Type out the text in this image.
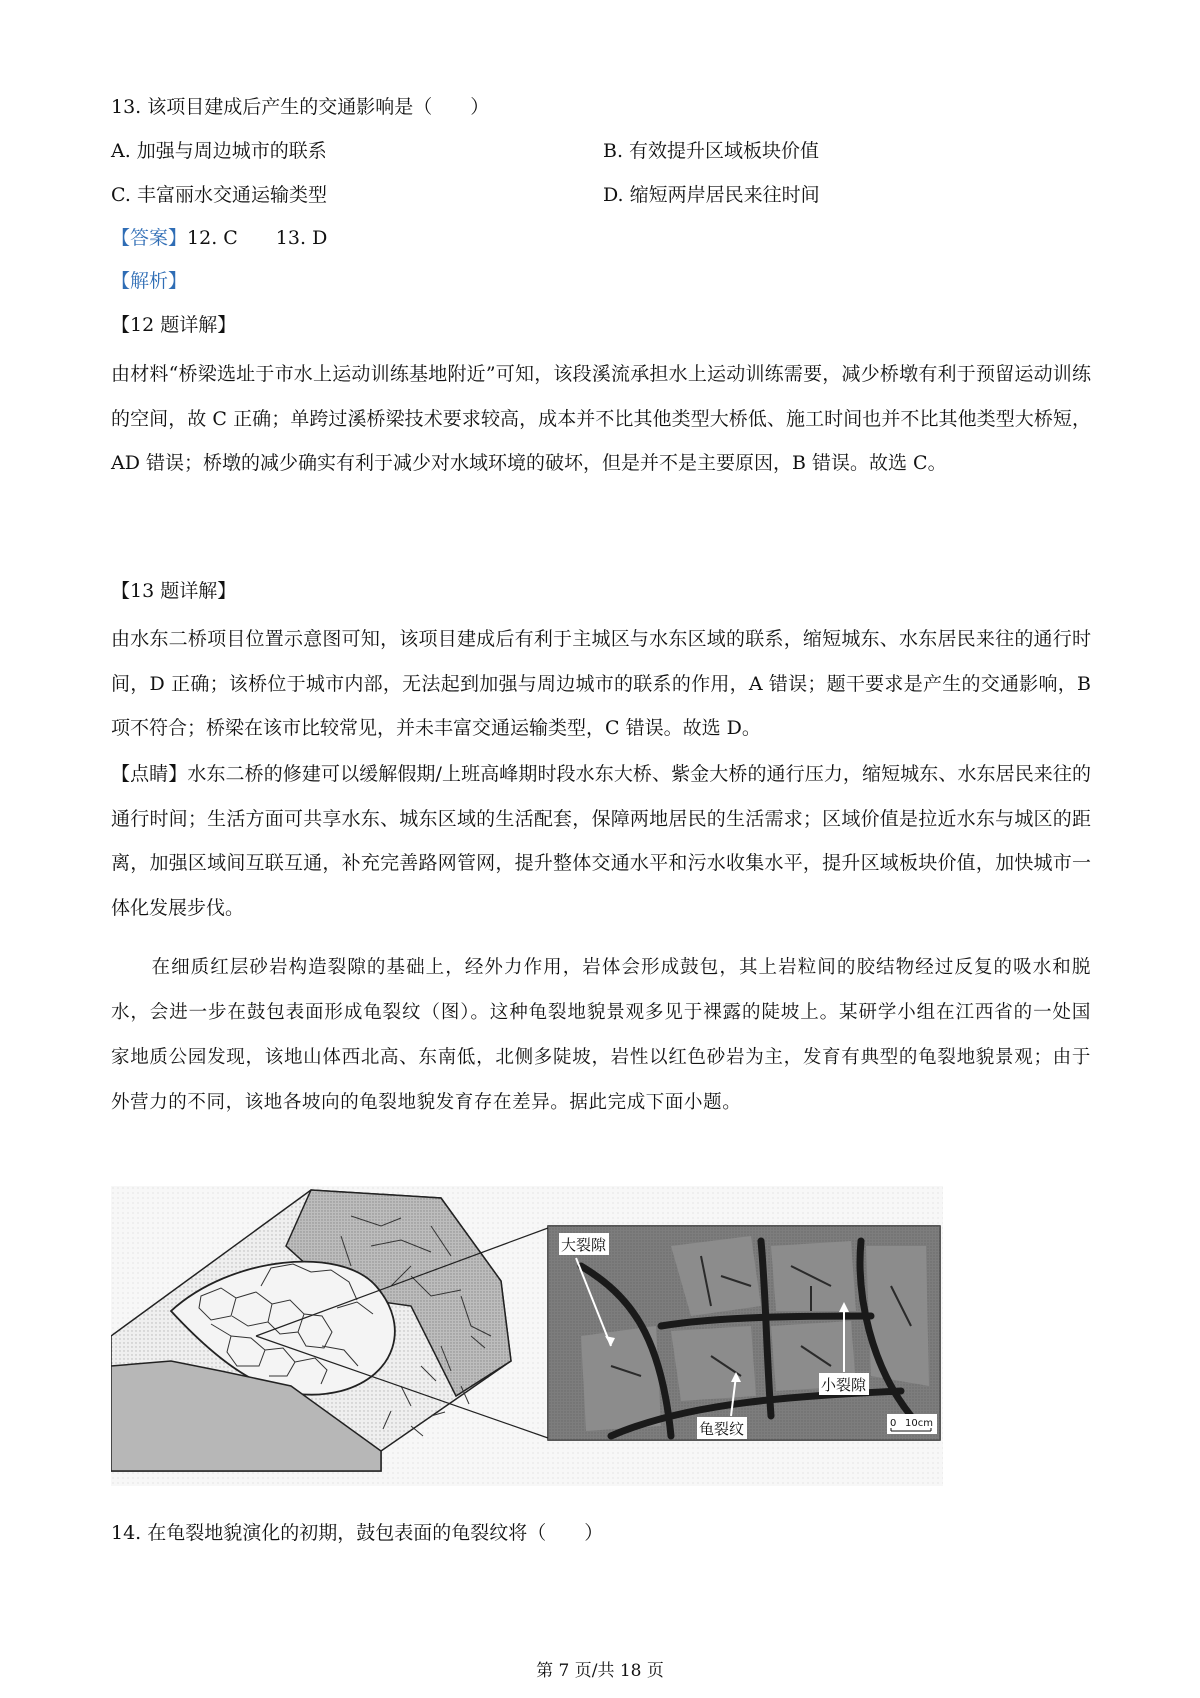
13. 该项目建成后产生的交通影响是（　　）
A. 加强与周边城市的联系	B. 有效提升区域板块价值
C. 丰富丽水交通运输类型	D. 缩短两岸居民来往时间
【答案】12. C　　13. D
【解析】
【12 题详解】
由材料“桥梁选址于市水上运动训练基地附近”可知，该段溪流承担水上运动训练需要，减少桥墩有利于预留运动训练的空间，故 C 正确；单跨过溪桥梁技术要求较高，成本并不比其他类型大桥低、施工时间也并不比其他类型大桥短，AD 错误；桥墩的减少确实有利于减少对水域环境的破坏，但是并不是主要原因，B 错误。故选 C。
【13 题详解】
由水东二桥项目位置示意图可知，该项目建成后有利于主城区与水东区域的联系，缩短城东、水东居民来往的通行时间，D 正确；该桥位于城市内部，无法起到加强与周边城市的联系的作用，A 错误；题干要求是产生的交通影响，B 项不符合；桥梁在该市比较常见，并未丰富交通运输类型，C 错误。故选 D。
【点睛】水东二桥的修建可以缓解假期/上班高峰期时段水东大桥、紫金大桥的通行压力，缩短城东、水东居民来往的通行时间；生活方面可共享水东、城东区域的生活配套，保障两地居民的生活需求；区域价值是拉近水东与城区的距离，加强区域间互联互通，补充完善路网管网，提升整体交通水平和污水收集水平，提升区域板块价值，加快城市一体化发展步伐。
在细质红层砂岩构造裂隙的基础上，经外力作用，岩体会形成鼓包，其上岩粒间的胶结物经过反复的吸水和脱水，会进一步在鼓包表面形成龟裂纹（图）。这种龟裂地貌景观多见于裸露的陡坡上。某研学小组在江西省的一处国家地质公园发现，该地山体西北高、东南低，北侧多陡坡，岩性以红色砂岩为主，发育有典型的龟裂地貌景观；由于外营力的不同，该地各坡向的龟裂地貌发育存在差异。据此完成下面小题。
大裂隙
小裂隙
龟裂纹	0 10cm
14. 在龟裂地貌演化的初期，鼓包表面的龟裂纹将（　　）
第 7 页/共 18 页
